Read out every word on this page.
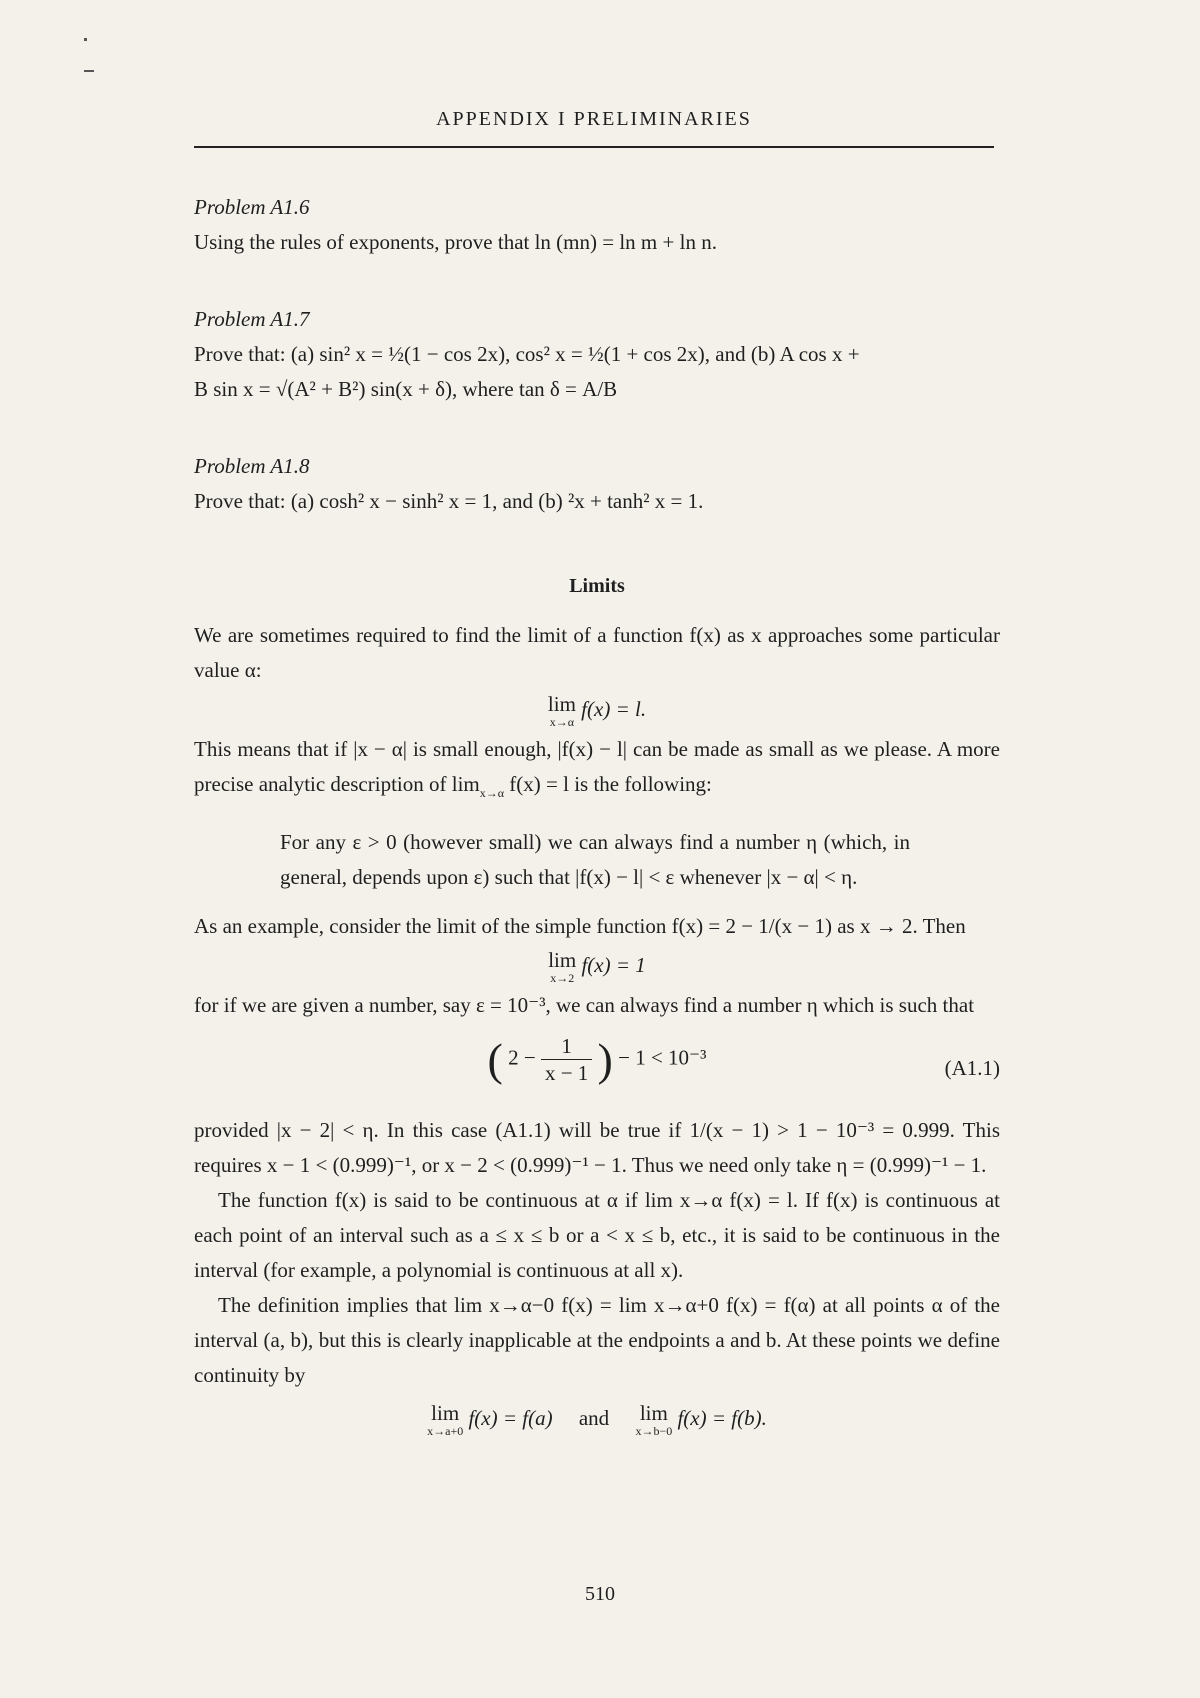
APPENDIX I PRELIMINARIES

Problem A1.6

Using the rules of exponents, prove that ln (mn) = ln m + ln n.

Problem A1.7

Prove that: (a) sin² x = ½(1 − cos 2x), cos² x = ½(1 + cos 2x), and (b) A cos x +

B sin x = √(A² + B²) sin(x + δ), where tan δ = A/B

Problem A1.8

Prove that: (a) cosh² x − sinh² x = 1, and (b) ²x + tanh² x = 1.

Limits

We are sometimes required to find the limit of a function f(x) as x approaches some particular value α:

lim
x→α
f(x) = l.

This means that if |x − α| is small enough, |f(x) − l| can be made as small as we please. A more precise analytic description of $\lim_{x\to\alpha} f(x) = l$ is the following:

For any ε > 0 (however small) we can always find a number η (which, in general, depends upon ε) such that |f(x) − l| < ε whenever |x − α| < η.

As an example, consider the limit of the simple function f(x) = 2 − 1/(x − 1) as x → 2. Then

lim
x→2
f(x) = 1

for if we are given a number, say ε = 10⁻³, we can always find a number η which is such that

( $2 - \frac{1}{x - 1}$ ) − 1 < 10⁻³	(A1.1)

provided |x − 2| < η. In this case (A1.1) will be true if 1/(x − 1) > 1 − 10⁻³ = 0.999. This requires x − 1 < (0.999)⁻¹, or x − 2 < (0.999)⁻¹ − 1. Thus we need only take η = (0.999)⁻¹ − 1.

The function f(x) is said to be continuous at α if lim x→α f(x) = l. If f(x) is continuous at each point of an interval such as a ≤ x ≤ b or a < x ≤ b, etc., it is said to be continuous in the interval (for example, a polynomial is continuous at all x).

The definition implies that lim x→α−0 f(x) = lim x→α+0 f(x) = f(α) at all points α of the interval (a, b), but this is clearly inapplicable at the endpoints a and b. At these points we define continuity by

lim
x→a+0
f(x) = f(a) and lim
x→b−0
f(x) = f(b).
510
